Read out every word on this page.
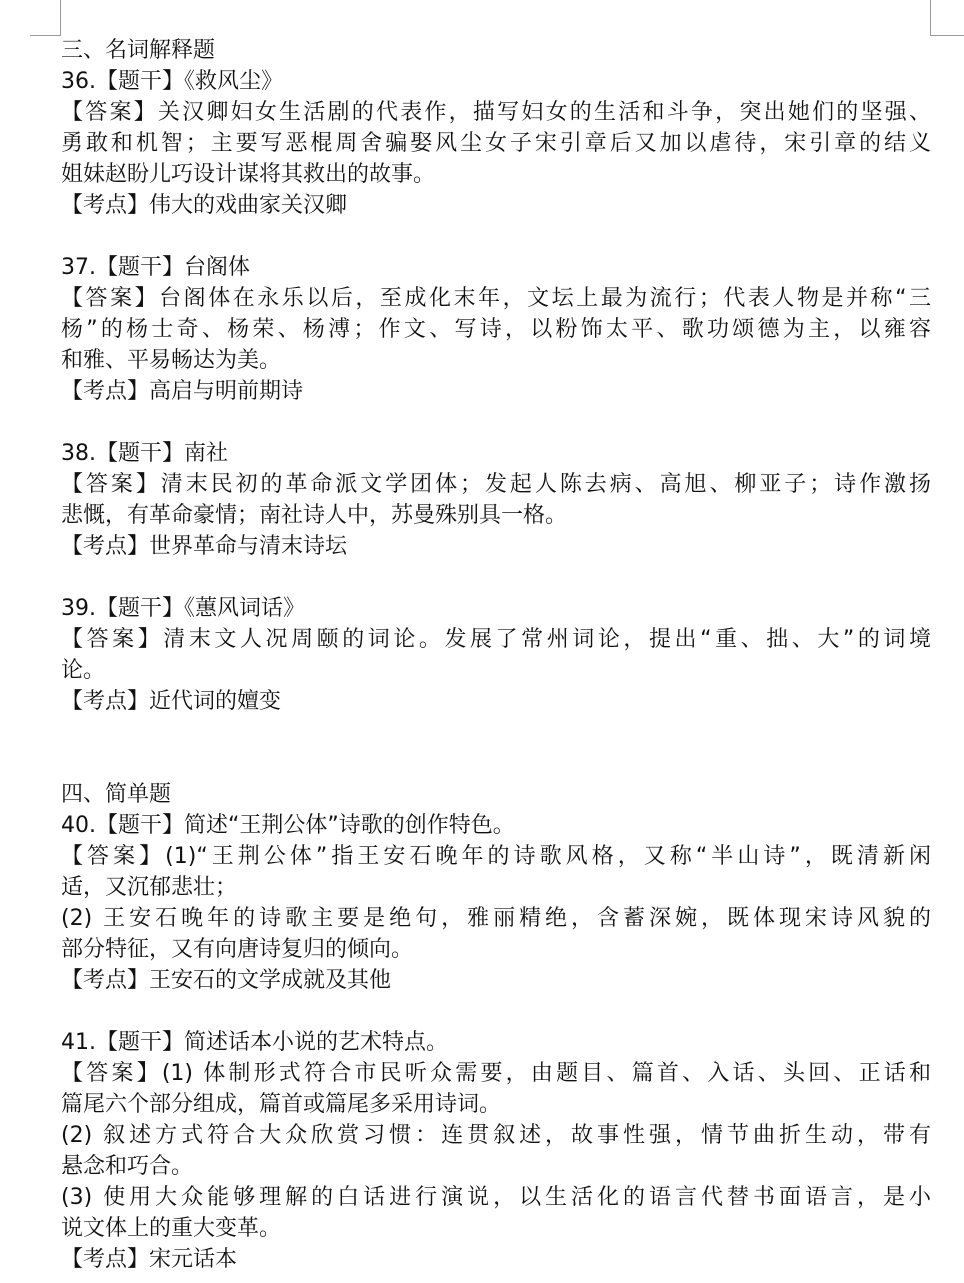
三、名词解释题
36.【题干】《救风尘》
【答案】关汉卿妇女生活剧的代表作，描写妇女的生活和斗争，突出她们的坚强、
勇敢和机智；主要写恶棍周舍骗娶风尘女子宋引章后又加以虐待，宋引章的结义
姐妹赵盼儿巧设计谋将其救出的故事。
【考点】伟大的戏曲家关汉卿
37.【题干】台阁体
【答案】台阁体在永乐以后，至成化末年，文坛上最为流行；代表人物是并称“三
杨”的杨士奇、杨荣、杨溥；作文、写诗，以粉饰太平、歌功颂德为主，以雍容
和雅、平易畅达为美。
【考点】高启与明前期诗
38.【题干】南社
【答案】清末民初的革命派文学团体；发起人陈去病、高旭、柳亚子；诗作激扬
悲慨，有革命豪情；南社诗人中，苏曼殊别具一格。
【考点】世界革命与清末诗坛
39.【题干】《蕙风词话》
【答案】清末文人况周颐的词论。发展了常州词论，提出“重、拙、大”的词境
论。
【考点】近代词的嬗变
四、简单题
40.【题干】简述“王荆公体”诗歌的创作特色。
【答案】(1)“王荆公体”指王安石晚年的诗歌风格，又称“半山诗”，既清新闲
适，又沉郁悲壮；
(2) 王安石晚年的诗歌主要是绝句，雅丽精绝，含蓄深婉，既体现宋诗风貌的
部分特征，又有向唐诗复归的倾向。
【考点】王安石的文学成就及其他
41.【题干】简述话本小说的艺术特点。
【答案】(1) 体制形式符合市民听众需要，由题目、篇首、入话、头回、正话和
篇尾六个部分组成，篇首或篇尾多采用诗词。
(2) 叙述方式符合大众欣赏习惯：连贯叙述，故事性强，情节曲折生动，带有
悬念和巧合。
(3) 使用大众能够理解的白话进行演说，以生活化的语言代替书面语言，是小
说文体上的重大变革。
【考点】宋元话本
